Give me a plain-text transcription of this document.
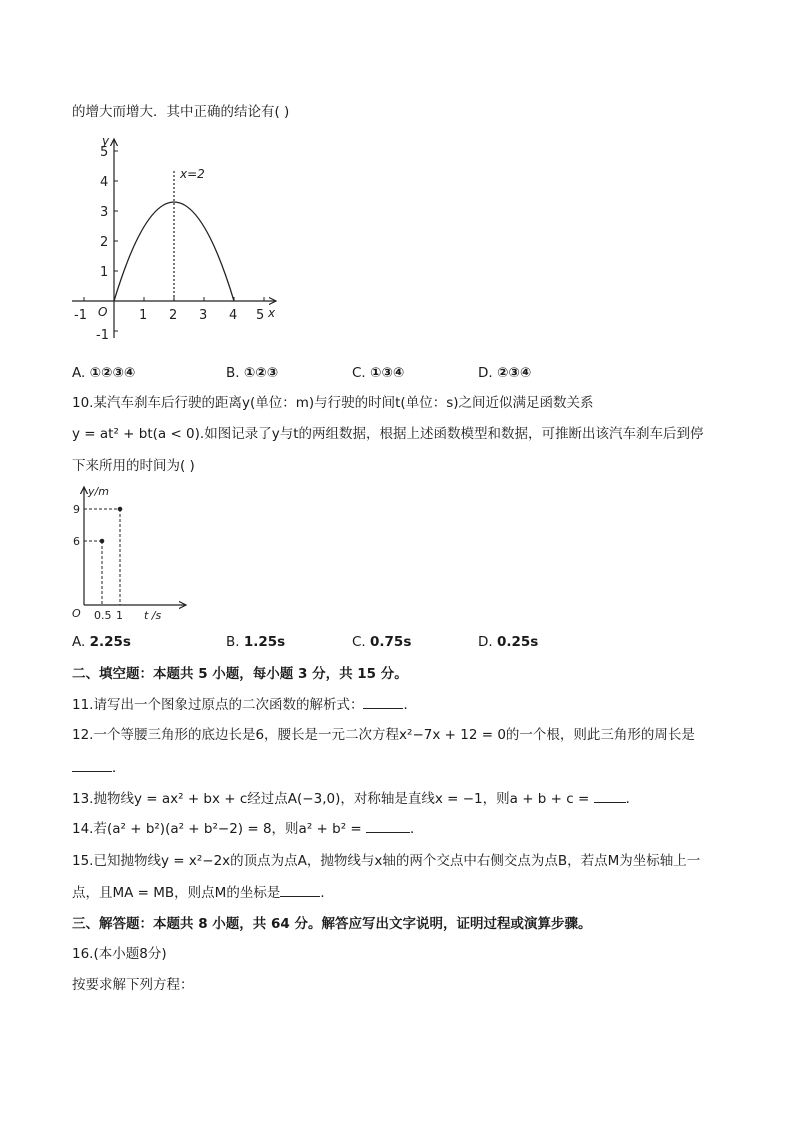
的增大而增大．其中正确的结论有( )
x=2
y
x
O
-1	1 2 3 4 5
5
4
3
2
1
-1
A. ①②③④	B. ①②③	C. ①③④	D. ②③④
10.某汽车刹车后行驶的距离y(单位：m)与行驶的时间t(单位：s)之间近似满足函数关系
y = at² + bt(a < 0).如图记录了y与t的两组数据，根据上述函数模型和数据，可推断出该汽车刹车后到停
下来所用的时间为( )
y/m
9
6
O 0.5 1 t /s
A. 2.25s	B. 1.25s	C. 0.75s	D. 0.25s
二、填空题：本题共 5 小题，每小题 3 分，共 15 分。
11.请写出一个图象过原点的二次函数的解析式：	．
12.一个等腰三角形的底边长是6，腰长是一元二次方程x²−7x + 12 = 0的一个根，则此三角形的周长是
．
13.抛物线y = ax² + bx + c经过点A(−3,0)，对称轴是直线x = −1，则a + b + c =	．
14.若(a² + b²)(a² + b²−2) = 8，则a² + b² =	．
15.已知抛物线y = x²−2x的顶点为点A，抛物线与x轴的两个交点中右侧交点为点B，若点M为坐标轴上一
点，且MA = MB，则点M的坐标是	．
三、解答题：本题共 8 小题，共 64 分。解答应写出文字说明，证明过程或演算步骤。
16.(本小题8分)
按要求解下列方程：
